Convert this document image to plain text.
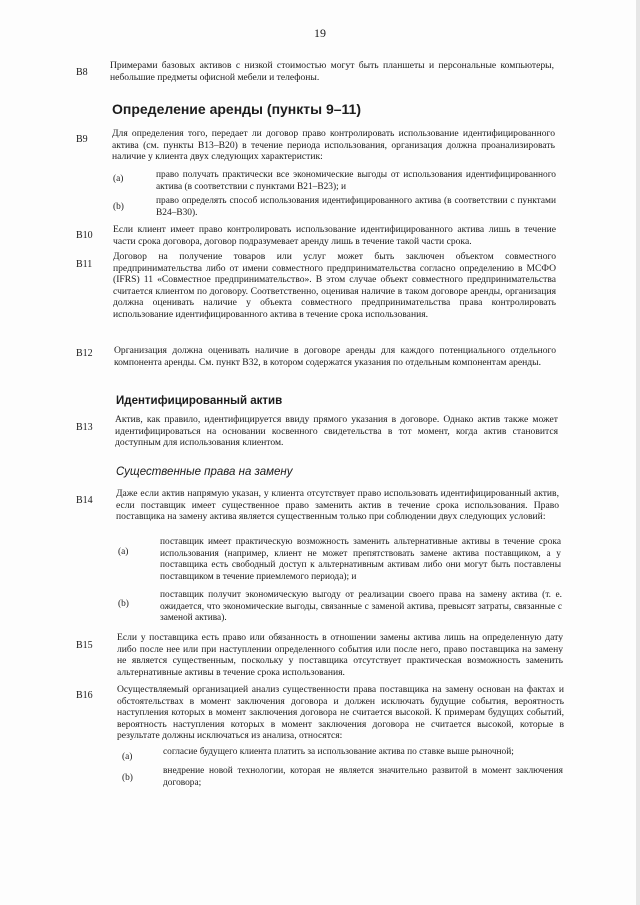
19
B8
Примерами базовых активов с низкой стоимостью могут быть планшеты и персональные компьютеры, небольшие предметы офисной мебели и телефоны.
Определение аренды (пункты 9–11)
B9
Для определения того, передает ли договор право контролировать использование идентифицированного актива (см. пункты B13–B20) в течение периода использования, организация должна проанализировать наличие у клиента двух следующих характеристик:
(a)	право получать практически все экономические выгоды от использования идентифицированного актива (в соответствии с пунктами B21–B23); и
(b)
право определять способ использования идентифицированного актива (в соответствии с пунктами B24–B30).
B10
Если клиент имеет право контролировать использование идентифицированного актива лишь в течение части срока договора, договор подразумевает аренду лишь в течение такой части срока.
B11
Договор на получение товаров или услуг может быть заключен объектом совместного предпринимательства либо от имени совместного предпринимательства согласно определению в МСФО (IFRS) 11 «Совместное предпринимательство». В этом случае объект совместного предпринимательства считается клиентом по договору. Соответственно, оценивая наличие в таком договоре аренды, организация должна оценивать наличие у объекта совместного предпринимательства права контролировать использование идентифицированного актива в течение срока использования.
B12 Организация должна оценивать наличие в договоре аренды для каждого потенциального отдельного компонента аренды. См. пункт B32, в котором содержатся указания по отдельным компонентам аренды.
Идентифицированный актив
B13
Актив, как правило, идентифицируется ввиду прямого указания в договоре. Однако актив также может идентифицироваться на основании косвенного свидетельства в тот момент, когда актив становится доступным для использования клиентом.
Существенные права на замену
B14
Даже если актив напрямую указан, у клиента отсутствует право использовать идентифицированный актив, если поставщик имеет существенное право заменить актив в течение срока использования. Право поставщика на замену актива является существенным только при соблюдении двух следующих условий:
(a)
поставщик имеет практическую возможность заменить альтернативные активы в течение срока использования (например, клиент не может препятствовать замене актива поставщиком, а у поставщика есть свободный доступ к альтернативным активам либо они могут быть поставлены поставщиком в течение приемлемого периода); и
(b)
поставщик получит экономическую выгоду от реализации своего права на замену актива (т. е. ожидается, что экономические выгоды, связанные с заменой актива, превысят затраты, связанные с заменой актива).
B15
Если у поставщика есть право или обязанность в отношении замены актива лишь на определенную дату либо после нее или при наступлении определенного события или после него, право поставщика на замену не является существенным, поскольку у поставщика отсутствует практическая возможность заменить альтернативные активы в течение срока использования.
B16
Осуществляемый организацией анализ существенности права поставщика на замену основан на фактах и обстоятельствах в момент заключения договора и должен исключать будущие события, вероятность наступления которых в момент заключения договора не считается высокой. К примерам будущих событий, вероятность наступления которых в момент заключения договора не считается высокой, которые в результате должны исключаться из анализа, относятся:
(a)	согласие будущего клиента платить за использование актива по ставке выше рыночной;
(b)
внедрение новой технологии, которая не является значительно развитой в момент заключения договора;
